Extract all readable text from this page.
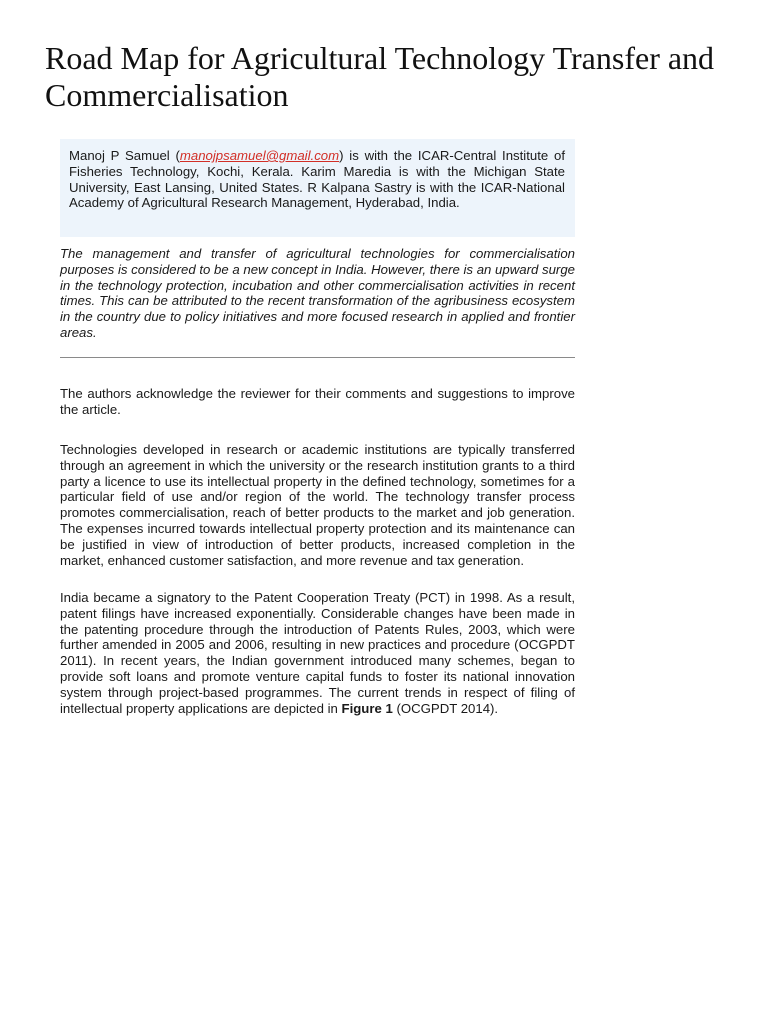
Road Map for Agricultural Technology Transfer and Commercialisation
Manoj P Samuel (manojpsamuel@gmail.com) is with the ICAR-Central Institute of Fisheries Technology, Kochi, Kerala. Karim Maredia is with the Michigan State University, East Lansing, United States. R Kalpana Sastry is with the ICAR-National Academy of Agricultural Research Management, Hyderabad, India.

The management and transfer of agricultural technologies for commercialisation purposes is considered to be a new concept in India. However, there is an upward surge in the technology protection, incubation and other commercialisation activities in recent times. This can be attributed to the recent transformation of the agribusiness ecosystem in the country due to policy initiatives and more focused research in applied and frontier areas.

The authors acknowledge the reviewer for their comments and suggestions to improve the article.

Technologies developed in research or academic institutions are typically transferred through an agreement in which the university or the research institution grants to a third party a licence to use its intellectual property in the defined technology, sometimes for a particular field of use and/or region of the world. The technology transfer process promotes commercialisation, reach of better products to the market and job generation. The expenses incurred towards intellectual property protection and its maintenance can be justified in view of introduction of better products, increased completion in the market, enhanced customer satisfaction, and more revenue and tax generation.

India became a signatory to the Patent Cooperation Treaty (PCT) in 1998. As a result, patent filings have increased exponentially. Considerable changes have been made in the patenting procedure through the introduction of Patents Rules, 2003, which were further amended in 2005 and 2006, resulting in new practices and procedure (OCGPDT 2011). In recent years, the Indian government introduced many schemes, began to provide soft loans and promote venture capital funds to foster its national innovation system through project-based programmes. The current trends in respect of filing of intellectual property applications are depicted in Figure 1 (OCGPDT 2014).
